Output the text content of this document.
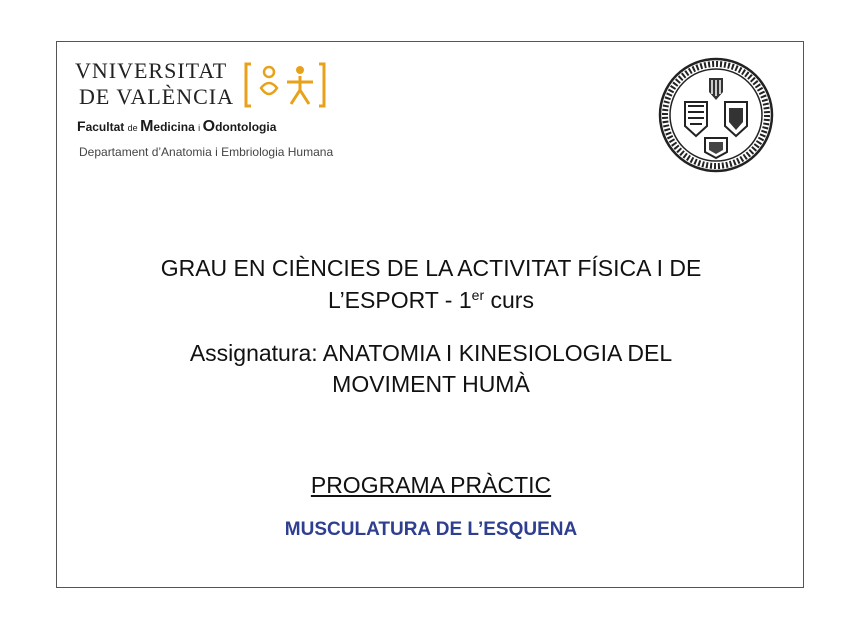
VNIVERSITAT
DE VALÈNCIA
Facultat de Medicina i Odontologia
Departament d’Anatomia i Embriologia Humana
GRAU EN CIÈNCIES DE LA ACTIVITAT FÍSICA I DE
L’ESPORT - 1er curs
Assignatura: ANATOMIA I KINESIOLOGIA DEL
MOVIMENT HUMÀ
PROGRAMA PRÀCTIC
MUSCULATURA DE L’ESQUENA
